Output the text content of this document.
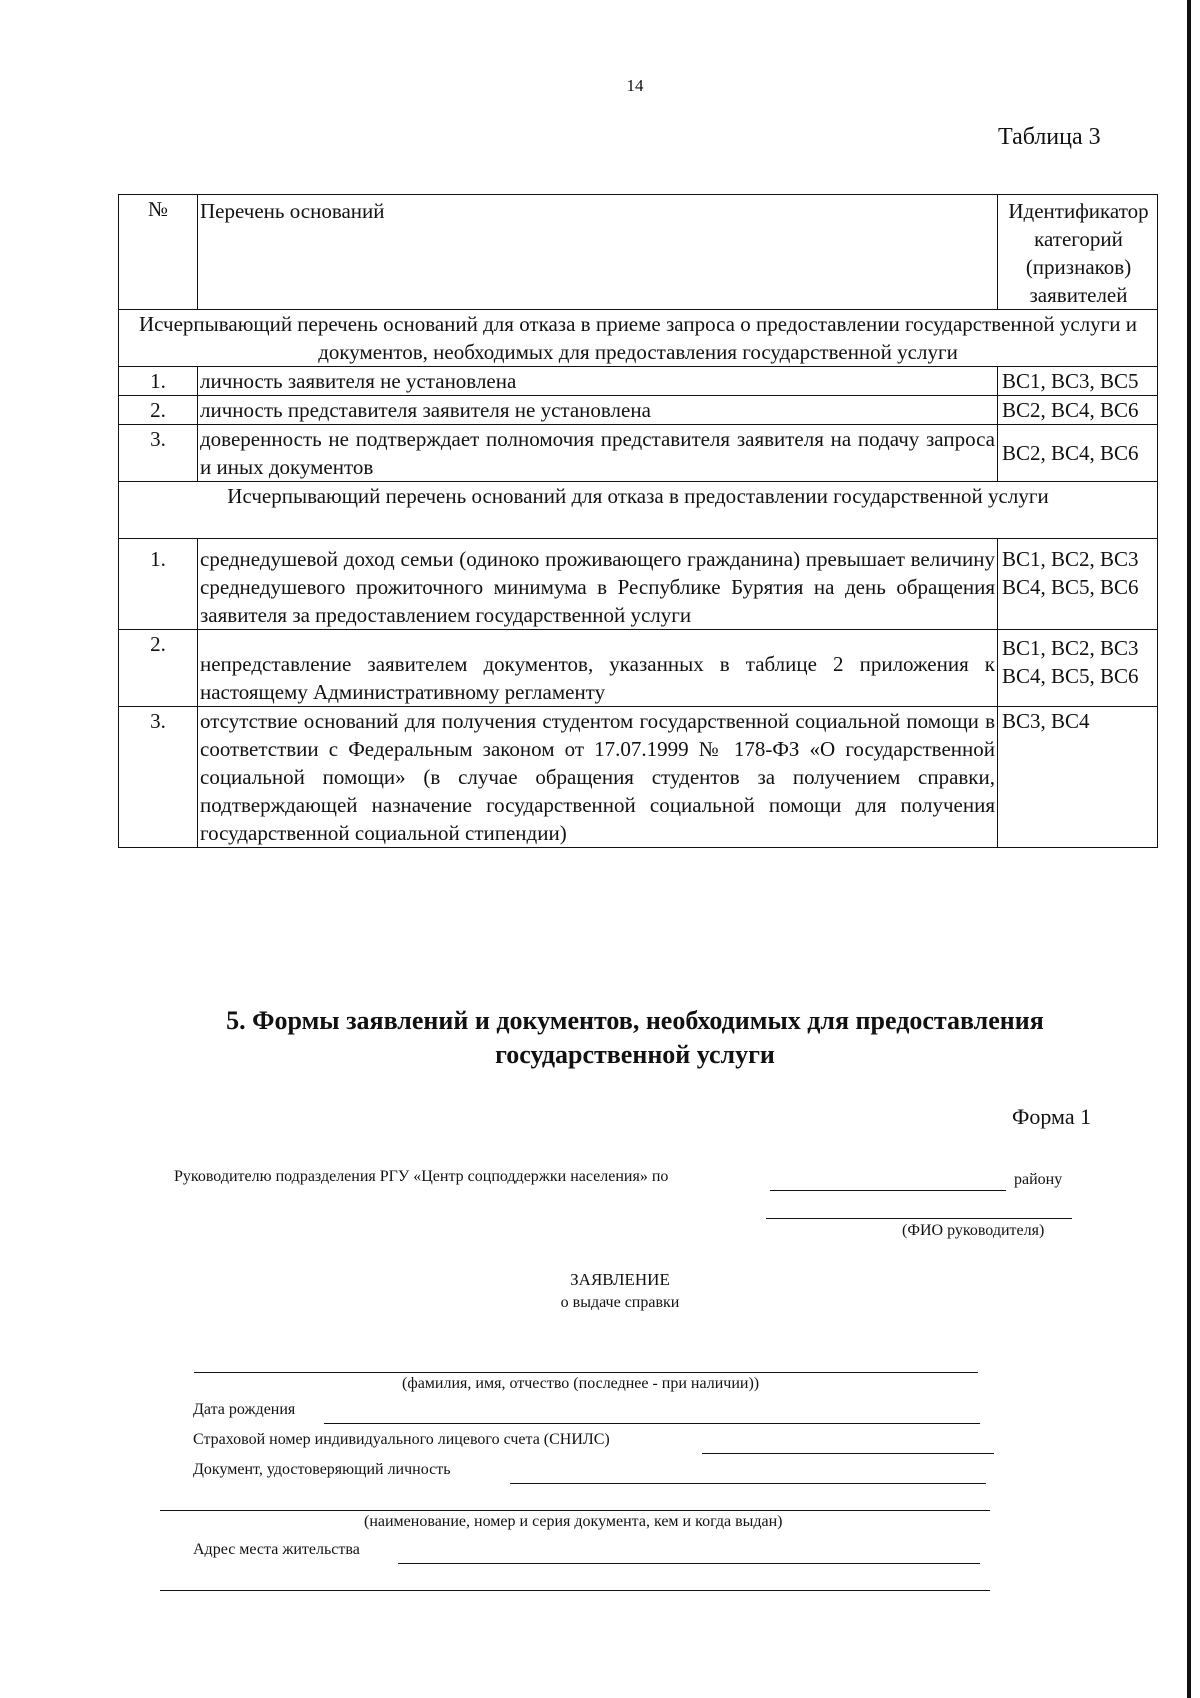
14
Таблица 3
№	Перечень оснований	Идентификатор категорий (признаков) заявителей
Исчерпывающий перечень оснований для отказа в приеме запроса о предоставлении государственной услуги и документов, необходимых для предоставления государственной услуги		
1.	личность заявителя не установлена	ВС1, ВС3, ВС5
2.	личность представителя заявителя не установлена	ВС2, ВС4, ВС6
3.	доверенность не подтверждает полномочия представителя заявителя на подачу запроса и иных документов	ВС2, ВС4, ВС6
Исчерпывающий перечень оснований для отказа в предоставлении государственной услуги		
1.	среднедушевой доход семьи (одиноко проживающего гражданина) превышает величину среднедушевого прожиточного минимума в Республике Бурятия на день обращения заявителя за предоставлением государственной услуги	ВС1, ВС2, ВС3 ВС4, ВС5, ВС6
2.	непредставление заявителем документов, указанных в таблице 2 приложения к настоящему Административному регламенту	ВС1, ВС2, ВС3 ВС4, ВС5, ВС6
3.	отсутствие оснований для получения студентом государственной социальной помощи в соответствии с Федеральным законом от 17.07.1999 № 178-ФЗ «О государственной социальной помощи» (в случае обращения студентов за получением справки, подтверждающей назначение государственной социальной помощи для получения государственной социальной стипендии)	ВС3, ВС4
5. Формы заявлений и документов, необходимых для предоставления государственной услуги
Форма 1
Руководителю подразделения РГУ «Центр соцподдержки населения» по	району
(ФИО руководителя)
ЗАЯВЛЕНИЕ
о выдаче справки
(фамилия, имя, отчество (последнее - при наличии))
Дата рождения
Страховой номер индивидуального лицевого счета (СНИЛС)
Документ, удостоверяющий личность
(наименование, номер и серия документа, кем и когда выдан)
Адрес места жительства
